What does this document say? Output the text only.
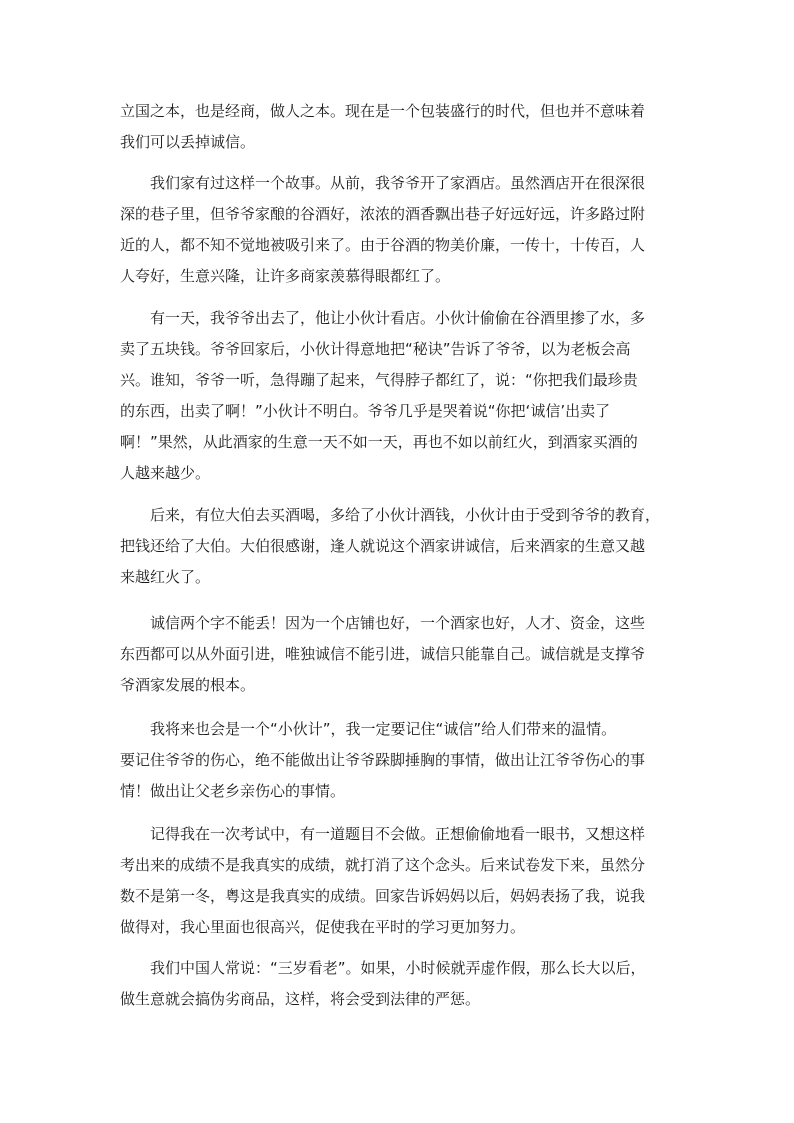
立国之本，也是经商，做人之本。现在是一个包装盛行的时代，但也并不意味着
我们可以丢掉诚信。
我们家有过这样一个故事。从前，我爷爷开了家酒店。虽然酒店开在很深很
深的巷子里，但爷爷家酿的谷酒好，浓浓的酒香飘出巷子好远好远，许多路过附
近的人，都不知不觉地被吸引来了。由于谷酒的物美价廉，一传十，十传百，人
人夸好，生意兴隆，让许多商家羡慕得眼都红了。
有一天，我爷爷出去了，他让小伙计看店。小伙计偷偷在谷酒里掺了水，多
卖了五块钱。爷爷回家后，小伙计得意地把“秘诀”告诉了爷爷，以为老板会高
兴。谁知，爷爷一听，急得蹦了起来，气得脖子都红了，说：“你把我们最珍贵
的东西，出卖了啊！”小伙计不明白。爷爷几乎是哭着说“你把‘诚信’出卖了
啊！”果然，从此酒家的生意一天不如一天，再也不如以前红火，到酒家买酒的
人越来越少。
后来，有位大伯去买酒喝，多给了小伙计酒钱，小伙计由于受到爷爷的教育，
把钱还给了大伯。大伯很感谢，逢人就说这个酒家讲诚信，后来酒家的生意又越
来越红火了。
诚信两个字不能丢！因为一个店铺也好，一个酒家也好，人才、资金，这些
东西都可以从外面引进，唯独诚信不能引进，诚信只能靠自己。诚信就是支撑爷
爷酒家发展的根本。
我将来也会是一个“小伙计”，我一定要记住“诚信”给人们带来的温情。
要记住爷爷的伤心，绝不能做出让爷爷跺脚捶胸的事情，做出让江爷爷伤心的事
情！做出让父老乡亲伤心的事情。
记得我在一次考试中，有一道题目不会做。正想偷偷地看一眼书，又想这样
考出来的成绩不是我真实的成绩，就打消了这个念头。后来试卷发下来，虽然分
数不是第一冬，粤这是我真实的成绩。回家告诉妈妈以后，妈妈表扬了我，说我
做得对，我心里面也很高兴，促使我在平时的学习更加努力。
我们中国人常说：“三岁看老”。如果，小时候就弄虚作假，那么长大以后，
做生意就会搞伪劣商品，这样，将会受到法律的严惩。
